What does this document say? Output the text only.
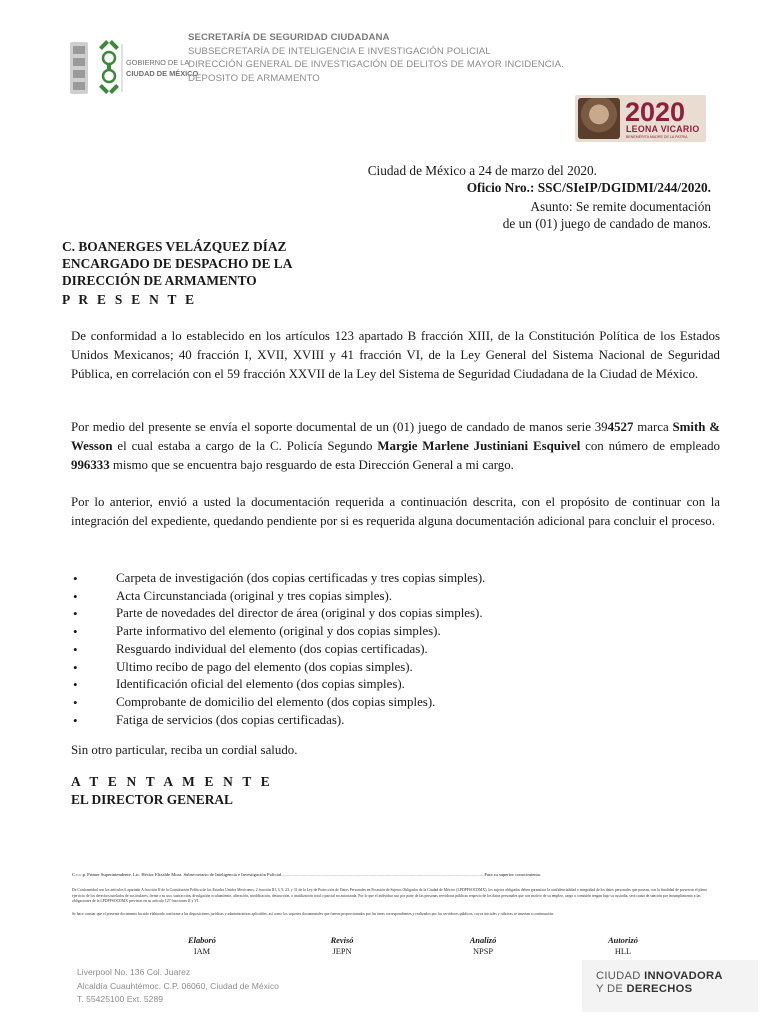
GOBIERNO DE LA
CIUDAD DE MÉXICO
SECRETARÍA DE SEGURIDAD CIUDADANA
SUBSECRETARÍA DE INTELIGENCIA E INVESTIGACIÓN POLICIAL
DIRECCIÓN GENERAL DE INVESTIGACIÓN DE DELITOS DE MAYOR INCIDENCIA.
DEPOSITO DE ARMAMENTO
2020
LEONA VICARIO
BENEMÉRITA MADRE DE LA PATRIA
Ciudad de México a 24 de marzo del 2020.
Oficio Nro.: SSC/SIeIP/DGIDMI/244/2020.
Asunto: Se remite documentación
de un (01) juego de candado de manos.
C. BOANERGES VELÁZQUEZ DÍAZ
ENCARGADO DE DESPACHO DE LA
DIRECCIÓN DE ARMAMENTO
P R E S E N T E
De conformidad a lo establecido en los artículos 123 apartado B fracción XIII, de la Constitución Política de los Estados Unidos Mexicanos; 40 fracción I, XVII, XVIII y 41 fracción VI, de la Ley General del Sistema Nacional de Seguridad Pública, en correlación con el 59 fracción XXVII de la Ley del Sistema de Seguridad Ciudadana de la Ciudad de México.
Por medio del presente se envía el soporte documental de un (01) juego de candado de manos serie 394527 marca Smith & Wesson el cual estaba a cargo de la C. Policía Segundo Margie Marlene Justiniani Esquivel con número de empleado 996333 mismo que se encuentra bajo resguardo de esta Dirección General a mi cargo.
Por lo anterior, envió a usted la documentación requerida a continuación descrita, con el propósito de continuar con la integración del expediente, quedando pendiente por si es requerida alguna documentación adicional para concluir el proceso.
• Carpeta de investigación (dos copias certificadas y tres copias simples).
• Acta Circunstanciada (original y tres copias simples).
• Parte de novedades del director de área (original y dos copias simples).
• Parte informativo del elemento (original y dos copias simples).
• Resguardo individual del elemento (dos copias certificadas).
• Ultimo recibo de pago del elemento (dos copias simples).
• Identificación oficial del elemento (dos copias simples).
• Comprobante de domicilio del elemento (dos copias simples).
• Fatiga de servicios (dos copias certificadas).
Sin otro particular, reciba un cordial saludo.
A T E N T A M E N T E
EL DIRECTOR GENERAL
C.c.c.p. Primer Superintendente, Lic. Héctor Elizalde Mora. Subsecretario de Inteligencia e Investigación Policial.................................................................................................................................................................................Para su superior conocimiento.
De Conformidad con los artículos 6 apartado A fracción II de la Constitución Política de los Estados Unidos Mexicanos, 2 fracción III, 3, 9, 23, y 31 de la Ley de Protección de Datos Personales en Posesión de Sujetos Obligados de la Ciudad de México (LPDPPSOCDMX), los sujetos obligados deben garantizar la confidencialidad e integridad de los datos personales que posean, con la finalidad de preservar el pleno ejercicio de los derechos tutelados de sus titulares, frente a su uso, sustracción, divulgación ocultamiento, alteración, modificación, destrucción, o inutilización total o parcial no autorizada. Por lo que el individuo uso por parte de las personas servidoras públicas respecto de los datos personales que con motivo de su empleo, cargo o comisión tengan bajo su custodia, será causa de sanción por incumplimiento a las obligaciones de la LPDPPSOCDMX previstas en su artículo 127 fracciones II y VI.
Se hace constar que el presente documento ha sido elaborado conforme a las disposiciones jurídicas y administrativas aplicables, así como los soportes documentales que fueron proporcionados por las áreas correspondientes y realizados por los servidores públicos, cuyos iniciales y rúbricas se insertan a continuación.
Elaboró
IAM
Revisó
JEPN
Analizó
NPSP
Autorizó
HLL
Liverpool No. 136 Col. Juarez
Alcaldía Cuauhtémoc. C.P. 06060, Ciudad de México
T. 55425100 Ext. 5289
CIUDAD INNOVADORA
Y DE DERECHOS
